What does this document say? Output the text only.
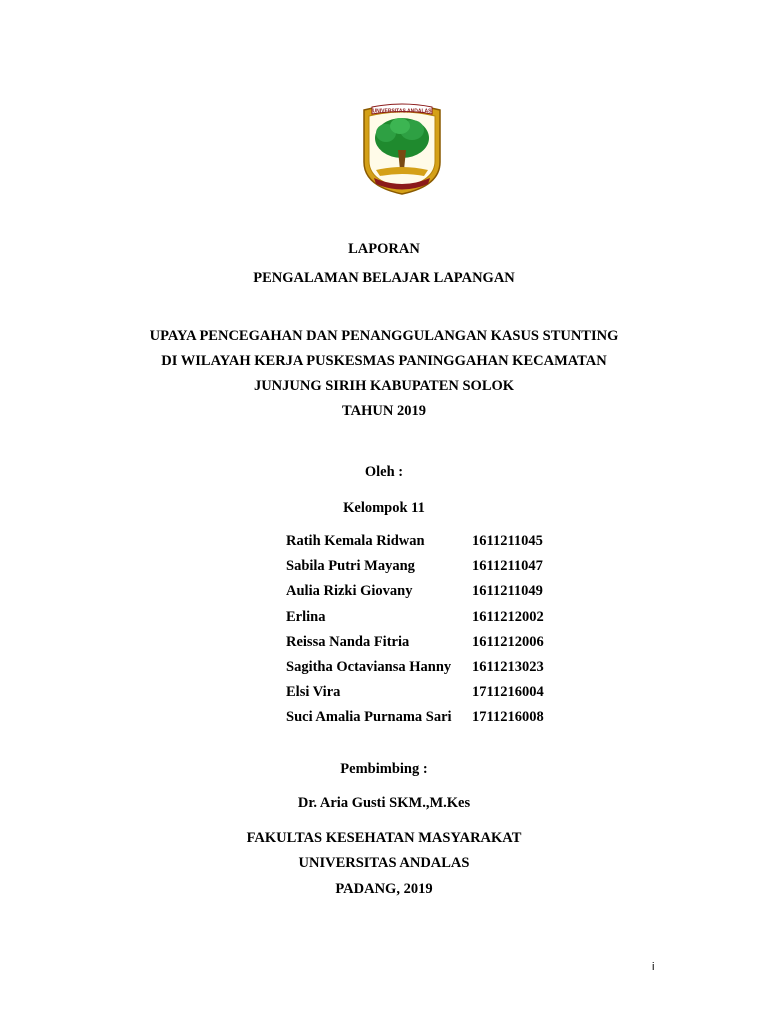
UNIVERSITAS ANDALAS
LAPORAN
PENGALAMAN BELAJAR LAPANGAN
UPAYA PENCEGAHAN DAN PENANGGULANGAN KASUS STUNTING
DI WILAYAH KERJA PUSKESMAS PANINGGAHAN KECAMATAN
JUNJUNG SIRIH KABUPATEN SOLOK
TAHUN 2019
Oleh :
Kelompok 11
Ratih Kemala Ridwan	1611211045
Sabila Putri Mayang	1611211047
Aulia Rizki Giovany	1611211049
Erlina	1611212002
Reissa Nanda Fitria	1611212006
Sagitha Octaviansa Hanny 1611213023
Elsi Vira	1711216004
Suci Amalia Purnama Sari 1711216008
Pembimbing :
Dr. Aria Gusti SKM.,M.Kes
FAKULTAS KESEHATAN MASYARAKAT
UNIVERSITAS ANDALAS
PADANG, 2019
i
